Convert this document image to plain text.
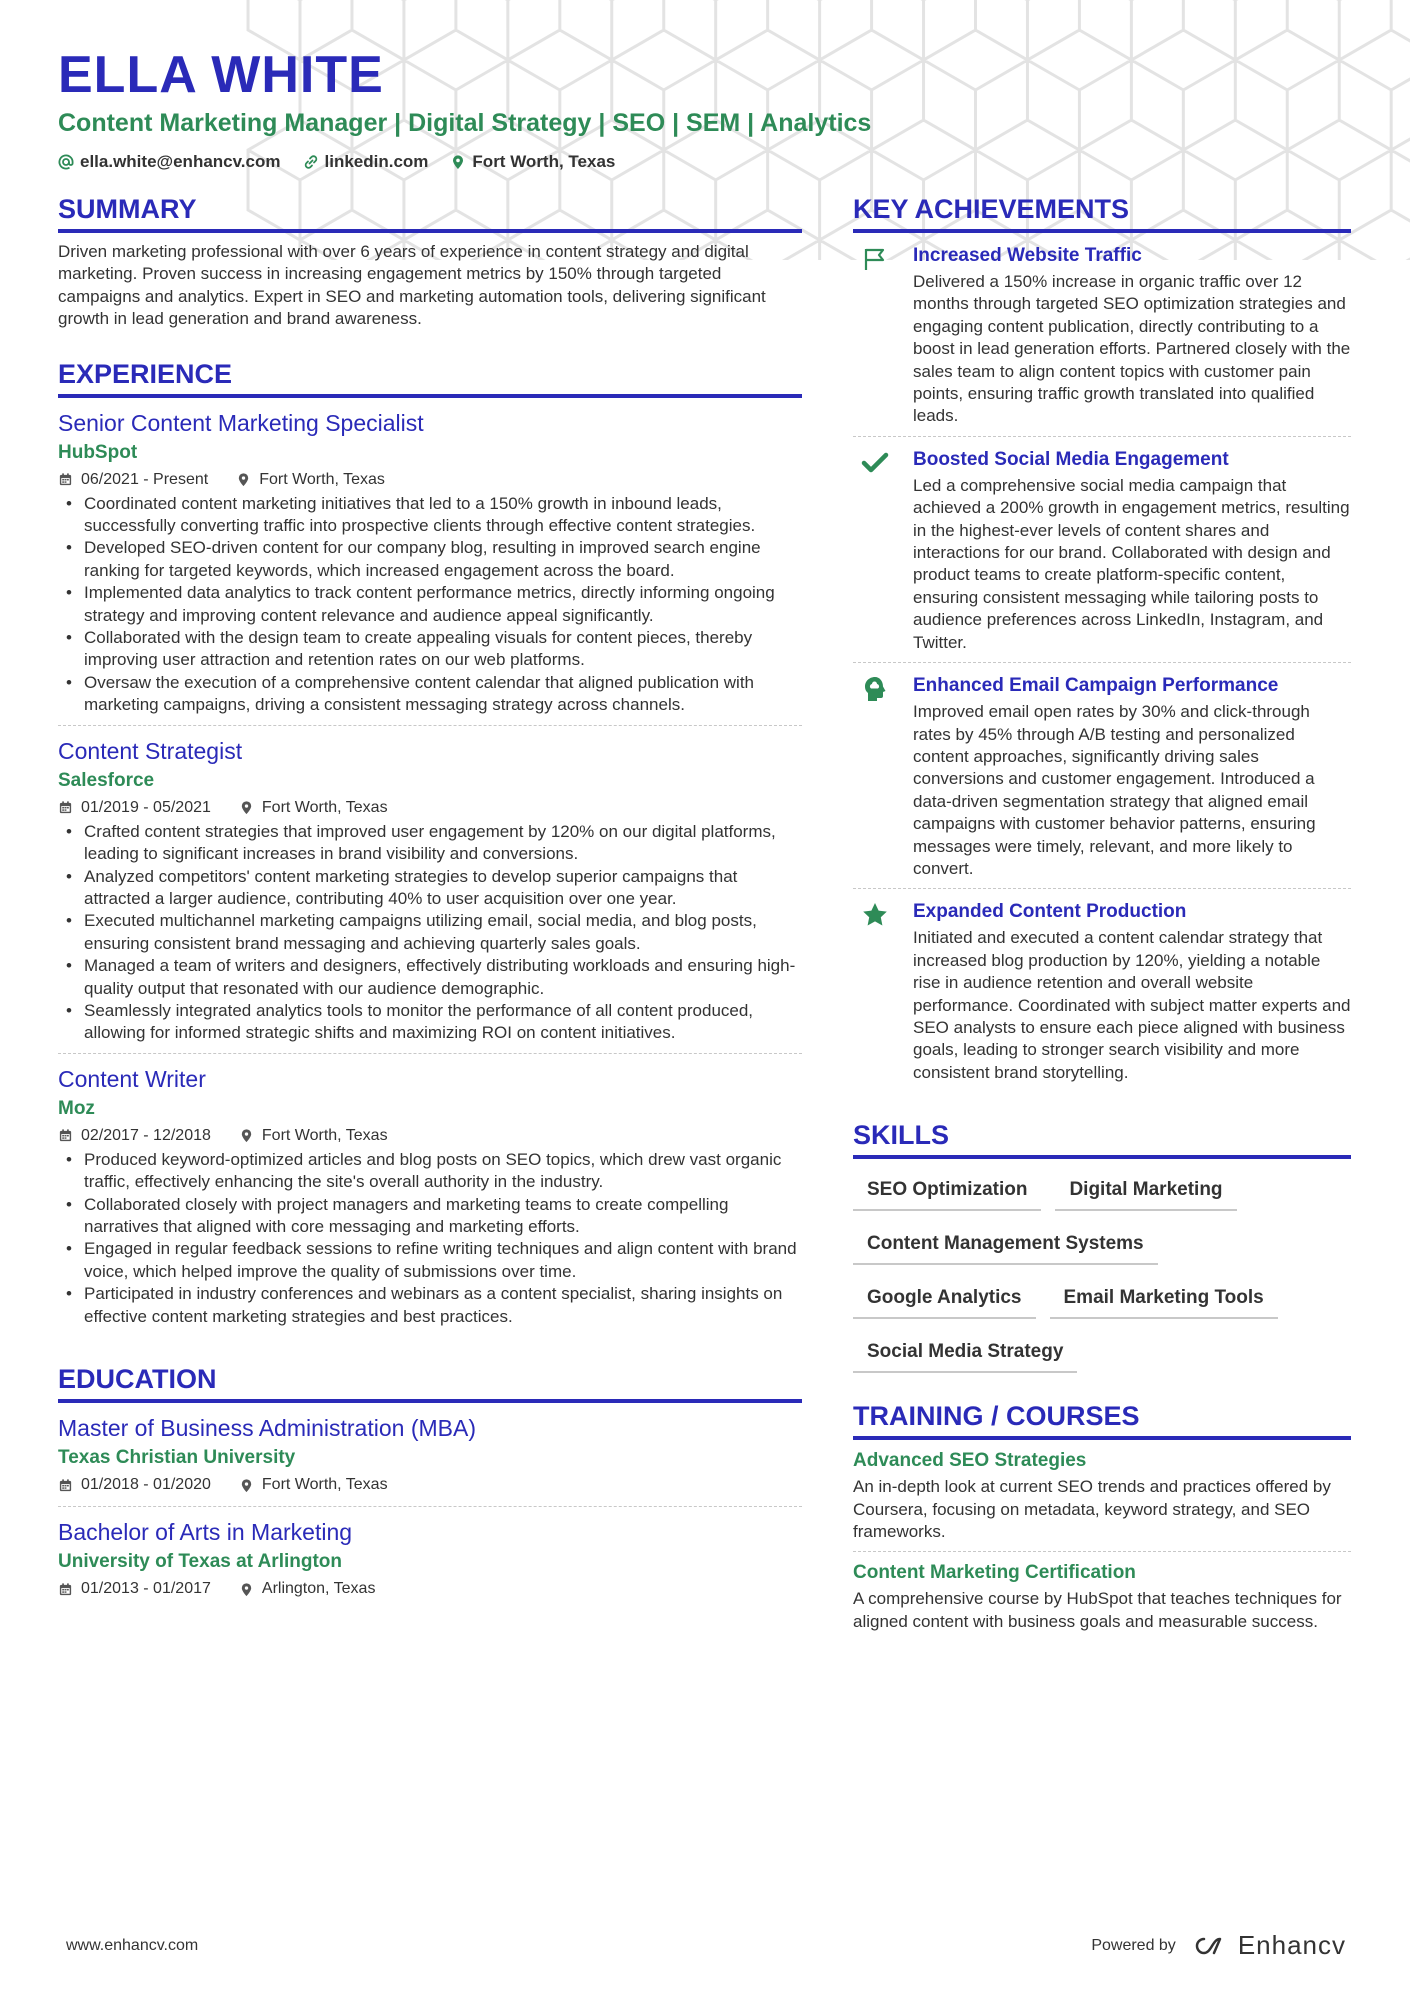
ELLA WHITE
Content Marketing Manager | Digital Strategy | SEO | SEM | Analytics
ella.white@enhancv.com	linkedin.com	Fort Worth, Texas
SUMMARY
Driven marketing professional with over 6 years of experience in content strategy and digital marketing. Proven success in increasing engagement metrics by 150% through targeted campaigns and analytics. Expert in SEO and marketing automation tools, delivering significant growth in lead generation and brand awareness.
EXPERIENCE
Senior Content Marketing Specialist
HubSpot
06/2021 - Present	Fort Worth, Texas
• Coordinated content marketing initiatives that led to a 150% growth in inbound leads, successfully converting traffic into prospective clients through effective content strategies.
• Developed SEO-driven content for our company blog, resulting in improved search engine ranking for targeted keywords, which increased engagement across the board.
• Implemented data analytics to track content performance metrics, directly informing ongoing strategy and improving content relevance and audience appeal significantly.
• Collaborated with the design team to create appealing visuals for content pieces, thereby improving user attraction and retention rates on our web platforms.
• Oversaw the execution of a comprehensive content calendar that aligned publication with marketing campaigns, driving a consistent messaging strategy across channels.
Content Strategist
Salesforce
01/2019 - 05/2021	Fort Worth, Texas
• Crafted content strategies that improved user engagement by 120% on our digital platforms, leading to significant increases in brand visibility and conversions.
• Analyzed competitors' content marketing strategies to develop superior campaigns that attracted a larger audience, contributing 40% to user acquisition over one year.
• Executed multichannel marketing campaigns utilizing email, social media, and blog posts, ensuring consistent brand messaging and achieving quarterly sales goals.
• Managed a team of writers and designers, effectively distributing workloads and ensuring high-quality output that resonated with our audience demographic.
• Seamlessly integrated analytics tools to monitor the performance of all content produced, allowing for informed strategic shifts and maximizing ROI on content initiatives.
Content Writer
Moz
02/2017 - 12/2018	Fort Worth, Texas
• Produced keyword-optimized articles and blog posts on SEO topics, which drew vast organic traffic, effectively enhancing the site's overall authority in the industry.
• Collaborated closely with project managers and marketing teams to create compelling narratives that aligned with core messaging and marketing efforts.
• Engaged in regular feedback sessions to refine writing techniques and align content with brand voice, which helped improve the quality of submissions over time.
• Participated in industry conferences and webinars as a content specialist, sharing insights on effective content marketing strategies and best practices.
EDUCATION
Master of Business Administration (MBA)
Texas Christian University
01/2018 - 01/2020	Fort Worth, Texas
Bachelor of Arts in Marketing
University of Texas at Arlington
01/2013 - 01/2017	Arlington, Texas
KEY ACHIEVEMENTS
Increased Website Traffic
Delivered a 150% increase in organic traffic over 12 months through targeted SEO optimization strategies and engaging content publication, directly contributing to a boost in lead generation efforts. Partnered closely with the sales team to align content topics with customer pain points, ensuring traffic growth translated into qualified leads.
Boosted Social Media Engagement
Led a comprehensive social media campaign that achieved a 200% growth in engagement metrics, resulting in the highest-ever levels of content shares and interactions for our brand. Collaborated with design and product teams to create platform-specific content, ensuring consistent messaging while tailoring posts to audience preferences across LinkedIn, Instagram, and Twitter.
Enhanced Email Campaign Performance
Improved email open rates by 30% and click-through rates by 45% through A/B testing and personalized content approaches, significantly driving sales conversions and customer engagement. Introduced a data-driven segmentation strategy that aligned email campaigns with customer behavior patterns, ensuring messages were timely, relevant, and more likely to convert.
Expanded Content Production
Initiated and executed a content calendar strategy that increased blog production by 120%, yielding a notable rise in audience retention and overall website performance. Coordinated with subject matter experts and SEO analysts to ensure each piece aligned with business goals, leading to stronger search visibility and more consistent brand storytelling.
SKILLS
SEO Optimization	Digital Marketing
Content Management Systems
Google Analytics	Email Marketing Tools
Social Media Strategy
TRAINING / COURSES
Advanced SEO Strategies
An in-depth look at current SEO trends and practices offered by Coursera, focusing on metadata, keyword strategy, and SEO frameworks.
Content Marketing Certification
A comprehensive course by HubSpot that teaches techniques for aligned content with business goals and measurable success.
www.enhancv.com	Powered by Enhancv
